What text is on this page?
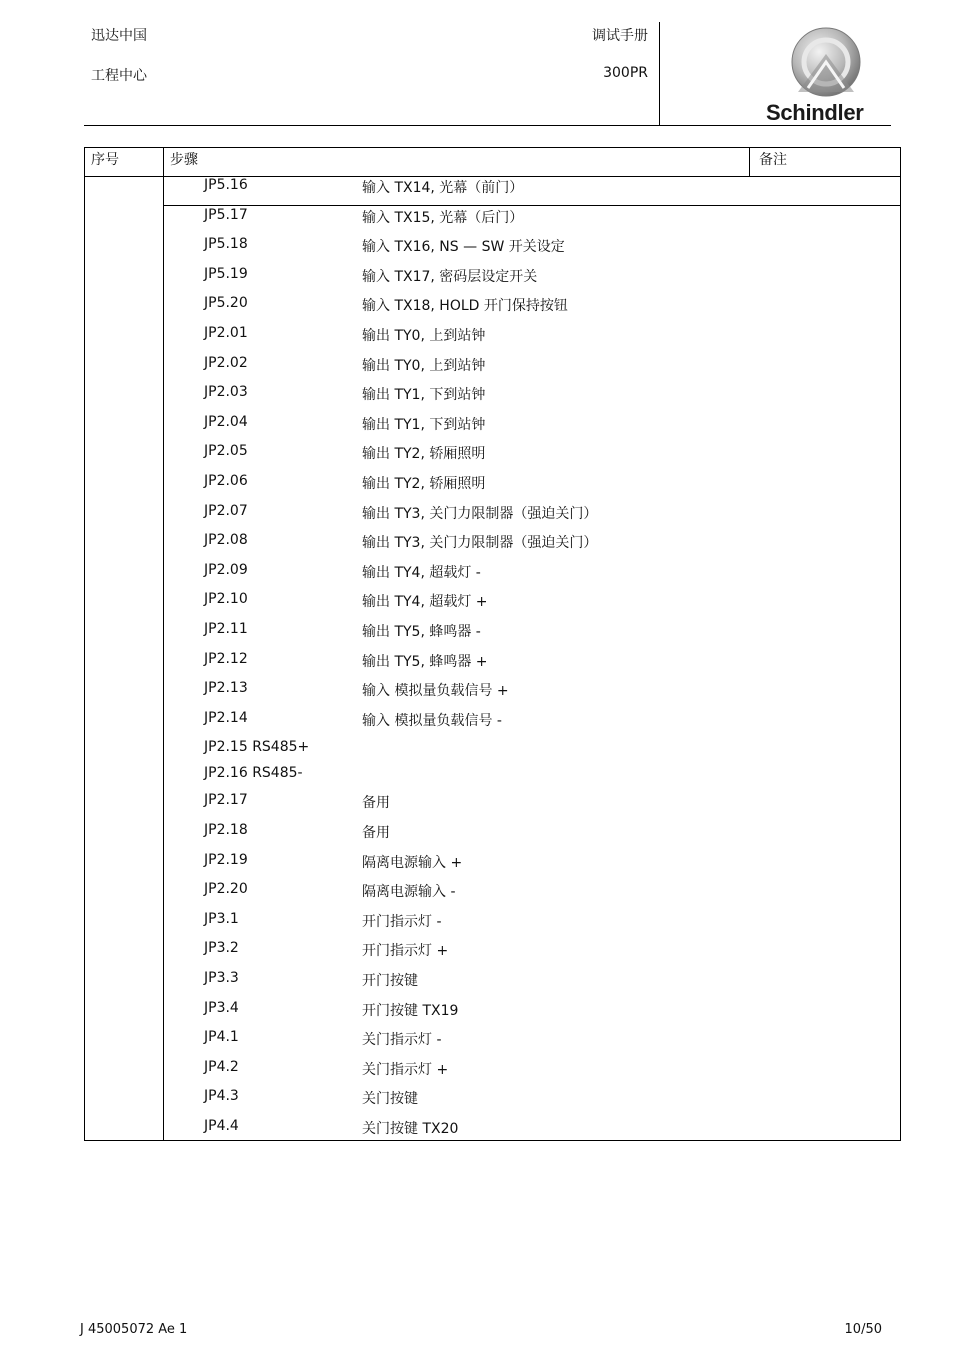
迅达中国
工程中心
调试手册
300PR
Schindler
序号	步骤	备注
JP5.16	输入 TX14, 光幕（前门）
JP5.17	输入 TX15, 光幕（后门）
JP5.18	输入 TX16, NS — SW 开关设定
JP5.19	输入 TX17, 密码层设定开关
JP5.20	输入 TX18, HOLD 开门保持按钮
JP2.01	输出 TY0, 上到站钟
JP2.02	输出 TY0, 上到站钟
JP2.03	输出 TY1, 下到站钟
JP2.04	输出 TY1, 下到站钟
JP2.05	输出 TY2, 轿厢照明
JP2.06	输出 TY2, 轿厢照明
JP2.07	输出 TY3, 关门力限制器（强迫关门）
JP2.08	输出 TY3, 关门力限制器（强迫关门）
JP2.09	输出 TY4, 超载灯 -
JP2.10	输出 TY4, 超载灯 +
JP2.11	输出 TY5, 蜂鸣器 -
JP2.12	输出 TY5, 蜂鸣器 +
JP2.13	输入 模拟量负载信号 +
JP2.14	输入 模拟量负载信号 -
JP2.15 RS485+
JP2.16 RS485-
JP2.17	备用
JP2.18	备用
JP2.19	隔离电源输入 +
JP2.20	隔离电源输入 -
JP3.1	开门指示灯 -
JP3.2	开门指示灯 +
JP3.3	开门按键
JP3.4	开门按键 TX19
JP4.1	关门指示灯 -
JP4.2	关门指示灯 +
JP4.3	关门按键
JP4.4	关门按键 TX20
J 45005072 Ae 1	10/50
